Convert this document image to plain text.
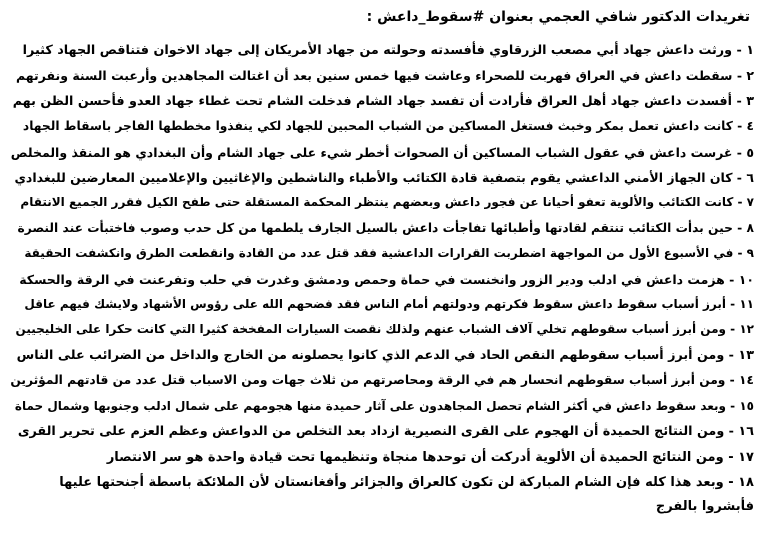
تغريدات الدكتور شافي العجمي بعنوان #سقوط_داعش :
١ - ورثت داعش جهاد أبي مصعب الزرقاوي فأفسدته وحولته من جهاد الأمريكان إلى جهاد الاخوان فتناقص الجهاد كثيرا
٢ - سقطت داعش في العراق فهربت للصحراء وعاشت فيها خمس سنين بعد أن اغتالت المجاهدين وأرعبت السنة ونفرتهم
٣ - أفسدت داعش جهاد أهل العراق فأرادت أن تفسد جهاد الشام فدخلت الشام تحت غطاء جهاد العدو فأحسن الظن بهم
٤ - كانت داعش تعمل بمكر وخبث فستغل المساكين من الشباب المحبين للجهاد لكي ينفذوا مخططها الفاجر باسقاط الجهاد
٥ - غرست داعش في عقول الشباب المساكين أن الصحوات أخطر شيء على جهاد الشام وأن البغدادي هو المنقذ والمخلص
٦ - كان الجهاز الأمني الداعشي يقوم بتصفية قادة الكتائب والأطباء والناشطين والإغاثيين والإعلاميين المعارضين للبغدادي
٧ - كانت الكتائب والألوية تعفو أحيانا عن فجور داعش وبعضهم ينتظر المحكمة المستقلة حتى طفح الكيل فقرر الجميع الانتقام
٨ - حين بدأت الكتائب تنتقم لقادتها وأطبائها تفاجأت داعش بالسيل الجارف يلطمها من كل حدب وصوب فاختبأت عند النصرة
٩ - في الأسبوع الأول من المواجهة اضطربت القرارات الداعشية فقد قتل عدد من القادة وانقطعت الطرق وانكشفت الحقيقة
١٠ - هزمت داعش في ادلب ودير الزور وانخنست في حماة وحمص ودمشق وغدرت في حلب وتفرعنت في الرقة والحسكة
١١ - أبرز أسباب سقوط داعش سقوط فكرتهم ودولتهم أمام الناس فقد فضحهم الله على رؤوس الأشهاد ولايشك فيهم عاقل
١٢ - ومن أبرز أسباب سقوطهم تخلي آلاف الشباب عنهم ولذلك نقصت السيارات المفخخة كثيرا التي كانت حكرا على الخليجيين
١٣ - ومن أبرز أسباب سقوطهم النقص الحاد في الدعم الذي كانوا يحصلونه من الخارج والداخل من الضرائب على الناس
١٤ - ومن أبرز أسباب سقوطهم انحسار هم في الرقة ومحاصرتهم من ثلاث جهات ومن الاسباب قتل عدد من قادتهم المؤثرين
١٥ - وبعد سقوط داعش في أكثر الشام تحصل المجاهدون على آثار حميدة منها هجومهم على شمال ادلب وجنوبها وشمال حماة
١٦ - ومن النتائج الحميدة أن الهجوم على القرى النصيرية ازداد بعد التخلص من الدواعش وعظم العزم على تحرير القرى
١٧ - ومن النتائج الحميدة أن الألوية أدركت أن توحدها منجاة وتنظيمها تحت قيادة واحدة هو سر الانتصار
١٨ - وبعد هذا كله فإن الشام المباركة لن تكون كالعراق والجزائر وأفغانستان لأن الملائكة باسطة أجنحتها عليها
فأبشروا بالفرج
